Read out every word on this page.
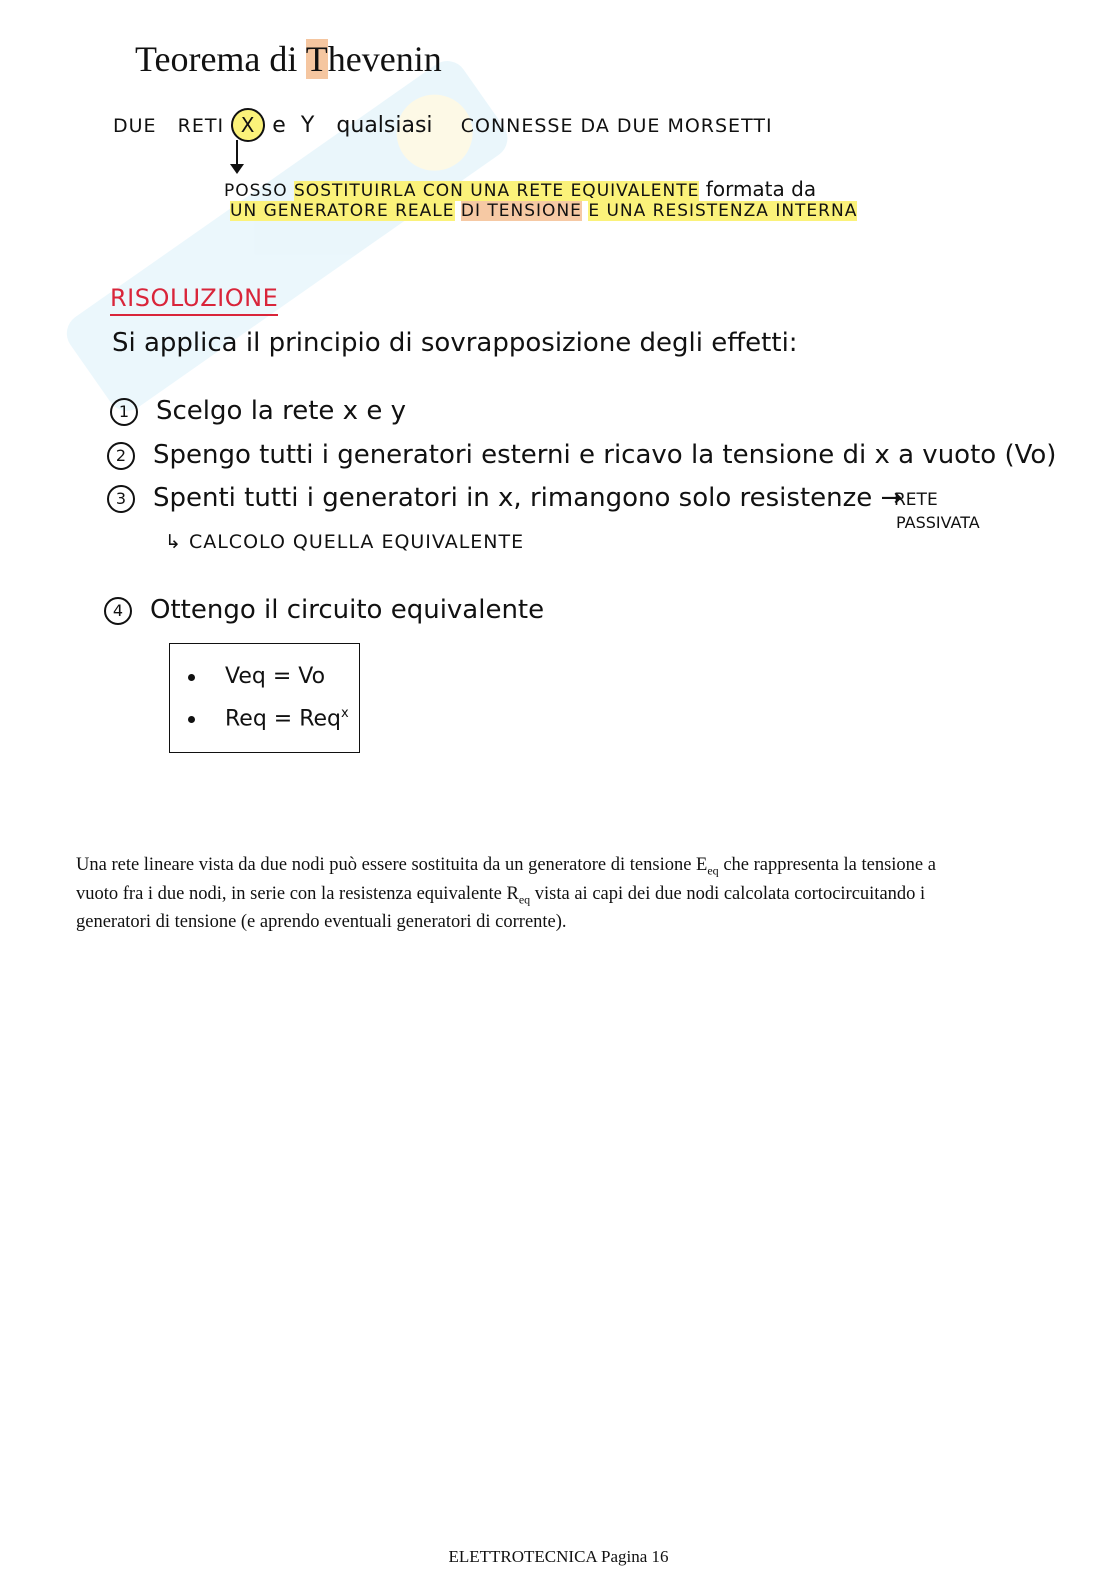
Teorema di Thevenin
DUE RETI X e Y qualsiasi CONNESSE DA DUE MORSETTI
POSSO SOSTITUIRLA CON UNA RETE EQUIVALENTE formata da
UN GENERATORE REALE DI TENSIONE E UNA RESISTENZA INTERNA
RISOLUZIONE
Si applica il principio di sovrapposizione degli effetti:
1 Scelgo la rete x e y
2 Spengo tutti i generatori esterni e ricavo la tensione di x a vuoto (Vo)
3 Spenti tutti i generatori in x, rimangono solo resistenze →
RETE
PASSIVATA
↳ CALCOLO QUELLA EQUIVALENTE
4 Ottengo il circuito equivalente
Veq = Vo
Req = Req$^x$
Una rete lineare vista da due nodi può essere sostituita da un generatore di tensione $E_{eq}$ che rappresenta la tensione a vuoto fra i due nodi, in serie con la resistenza equivalente $R_{eq}$ vista ai capi dei due nodi calcolata cortocircuitando i generatori di tensione (e aprendo eventuali generatori di corrente).
ELETTROTECNICA Pagina 16
